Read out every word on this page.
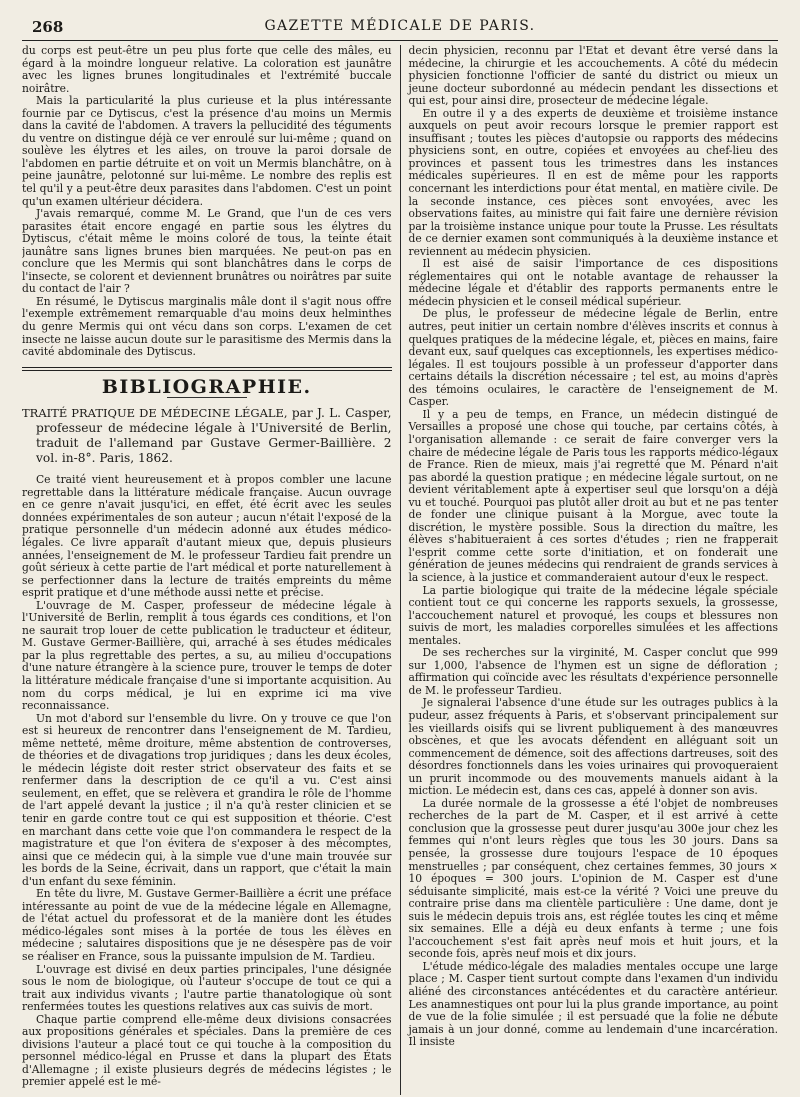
268	GAZETTE MÉDICALE DE PARIS.

du corps est peut-être un peu plus forte que celle des mâles, eu égard à la moindre longueur relative. La coloration est jaunâtre avec les lignes brunes longitudinales et l'extrémité buccale noirâtre.

Mais la particularité la plus curieuse et la plus intéressante fournie par ce Dytiscus, c'est la présence d'au moins un Mermis dans la cavité de l'abdomen. A travers la pellucidité des téguments du ventre on distingue déjà ce ver enroulé sur lui-même ; quand on soulève les élytres et les ailes, on trouve la paroi dorsale de l'abdomen en partie détruite et on voit un Mermis blanchâtre, on à peine jaunâtre, pelotonné sur lui-même. Le nombre des replis est tel qu'il y a peut-être deux parasites dans l'abdomen. C'est un point qu'un examen ultérieur décidera.

J'avais remarqué, comme M. Le Grand, que l'un de ces vers parasites était encore engagé en partie sous les élytres du Dytiscus, c'était même le moins coloré de tous, la teinte était jaunâtre sans lignes brunes bien marquées. Ne peut-on pas en conclure que les Mermis qui sont blanchâtres dans le corps de l'insecte, se colorent et deviennent brunâtres ou noirâtres par suite du contact de l'air ?

En résumé, le Dytiscus marginalis mâle dont il s'agit nous offre l'exemple extrêmement remarquable d'au moins deux helminthes du genre Mermis qui ont vécu dans son corps. L'examen de cet insecte ne laisse aucun doute sur le parasitisme des Mermis dans la cavité abdominale des Dytiscus.

BIBLIOGRAPHIE.

TRAITÉ PRATIQUE DE MÉDECINE LÉGALE, par J. L. Casper, professeur de médecine légale à l'Université de Berlin, traduit de l'allemand par Gustave Germer-Baillière. 2 vol. in-8°. Paris, 1862.

Ce traité vient heureusement et à propos combler une lacune regrettable dans la littérature médicale française. Aucun ouvrage en ce genre n'avait jusqu'ici, en effet, été écrit avec les seules données expérimentales de son auteur ; aucun n'était l'exposé de la pratique personnelle d'un médecin adonné aux études médico-légales. Ce livre apparaît d'autant mieux que, depuis plusieurs années, l'enseignement de M. le professeur Tardieu fait prendre un goût sérieux à cette partie de l'art médical et porte naturellement à se perfectionner dans la lecture de traités empreints du même esprit pratique et d'une méthode aussi nette et précise.

L'ouvrage de M. Casper, professeur de médecine légale à l'Université de Berlin, remplit à tous égards ces conditions, et l'on ne saurait trop louer de cette publication le traducteur et éditeur, M. Gustave Germer-Baillière, qui, arraché à ses études médicales par la plus regrettable des pertes, a su, au milieu d'occupations d'une nature étrangère à la science pure, trouver le temps de doter la littérature médicale française d'une si importante acquisition. Au nom du corps médical, je lui en exprime ici ma vive reconnaissance.

Un mot d'abord sur l'ensemble du livre. On y trouve ce que l'on est si heureux de rencontrer dans l'enseignement de M. Tardieu, même netteté, même droiture, même abstention de controverses, de théories et de divagations trop juridiques ; dans les deux écoles, le médecin légiste doit rester strict observateur des faits et se renfermer dans la description de ce qu'il a vu. C'est ainsi seulement, en effet, que se relèvera et grandira le rôle de l'homme de l'art appelé devant la justice ; il n'a qu'à rester clinicien et se tenir en garde contre tout ce qui est supposition et théorie. C'est en marchant dans cette voie que l'on commandera le respect de la magistrature et que l'on évitera de s'exposer à des mécomptes, ainsi que ce médecin qui, à la simple vue d'une main trouvée sur les bords de la Seine, écrivait, dans un rapport, que c'était la main d'un enfant du sexe féminin.

En tête du livre, M. Gustave Germer-Baillière a écrit une préface intéressante au point de vue de la médecine légale en Allemagne, de l'état actuel du professorat et de la manière dont les études médico-légales sont mises à la portée de tous les élèves en médecine ; salutaires dispositions que je ne désespère pas de voir se réaliser en France, sous la puissante impulsion de M. Tardieu.

L'ouvrage est divisé en deux parties principales, l'une désignée sous le nom de biologique, où l'auteur s'occupe de tout ce qui a trait aux individus vivants ; l'autre partie thanatologique où sont renfermées toutes les questions relatives aux cas suivis de mort.

Chaque partie comprend elle-même deux divisions consacrées aux propositions générales et spéciales. Dans la première de ces divisions l'auteur a placé tout ce qui touche à la composition du personnel médico-légal en Prusse et dans la plupart des États d'Allemagne ; il existe plusieurs degrés de médecins légistes ; le premier appelé est le mé-

decin physicien, reconnu par l'État et devant être versé dans la médecine, la chirurgie et les accouchements. A côté du médecin physicien fonctionne l'officier de santé du district ou mieux un jeune docteur subordonné au médecin pendant les dissections et qui est, pour ainsi dire, prosecteur de médecine légale.

En outre il y a des experts de deuxième et troisième instance auxquels on peut avoir recours lorsque le premier rapport est insuffisant ; toutes les pièces d'autopsie ou rapports des médecins physiciens sont, en outre, copiées et envoyées au chef-lieu des provinces et passent tous les trimestres dans les instances médicales supérieures. Il en est de même pour les rapports concernant les interdictions pour état mental, en matière civile. De la seconde instance, ces pièces sont envoyées, avec les observations faites, au ministre qui fait faire une dernière révision par la troisième instance unique pour toute la Prusse. Les résultats de ce dernier examen sont communiqués à la deuxième instance et reviennent au médecin physicien.

Il est aisé de saisir l'importance de ces dispositions réglementaires qui ont le notable avantage de rehausser la médecine légale et d'établir des rapports permanents entre le médecin physicien et le conseil médical supérieur.

De plus, le professeur de médecine légale de Berlin, entre autres, peut initier un certain nombre d'élèves inscrits et connus à quelques pratiques de la médecine légale, et, pièces en mains, faire devant eux, sauf quelques cas exceptionnels, les expertises médico-légales. Il est toujours possible à un professeur d'apporter dans certains détails la discrétion nécessaire ; tel est, au moins d'après des témoins oculaires, le caractère de l'enseignement de M. Casper.

Il y a peu de temps, en France, un médecin distingué de Versailles a proposé une chose qui touche, par certains côtés, à l'organisation allemande : ce serait de faire converger vers la chaire de médecine légale de Paris tous les rapports médico-légaux de France. Rien de mieux, mais j'ai regretté que M. Pénard n'ait pas abordé la question pratique ; en médecine légale surtout, on ne devient véritablement apte à expertiser seul que lorsqu'on a déjà vu et touché. Pourquoi pas plutôt aller droit au but et ne pas tenter de fonder une clinique puisant à la Morgue, avec toute la discrétion, le mystère possible. Sous la direction du maître, les élèves s'habitueraient à ces sortes d'études ; rien ne frapperait l'esprit comme cette sorte d'initiation, et on fonderait une génération de jeunes médecins qui rendraient de grands services à la science, à la justice et commanderaient autour d'eux le respect.

La partie biologique qui traite de la médecine légale spéciale contient tout ce qui concerne les rapports sexuels, la grossesse, l'accouchement naturel et provoqué, les coups et blessures non suivis de mort, les maladies corporelles simulées et les affections mentales.

De ses recherches sur la virginité, M. Casper conclut que 999 sur 1,000, l'absence de l'hymen est un signe de défloration ; affirmation qui coïncide avec les résultats d'expérience personnelle de M. le professeur Tardieu.

Je signalerai l'absence d'une étude sur les outrages publics à la pudeur, assez fréquents à Paris, et s'observant principalement sur les vieillards oisifs qui se livrent publiquement à des manœuvres obscènes, et que les avocats défendent en alléguant soit un commencement de démence, soit des affections dartreuses, soit des désordres fonctionnels dans les voies urinaires qui provoqueraient un prurit incommode ou des mouvements manuels aidant à la miction. Le médecin est, dans ces cas, appelé à donner son avis.

La durée normale de la grossesse a été l'objet de nombreuses recherches de la part de M. Casper, et il est arrivé à cette conclusion que la grossesse peut durer jusqu'au 300e jour chez les femmes qui n'ont leurs règles que tous les 30 jours. Dans sa pensée, la grossesse dure toujours l'espace de 10 époques menstruelles ; par conséquent, chez certaines femmes, 30 jours × 10 époques = 300 jours. L'opinion de M. Casper est d'une séduisante simplicité, mais est-ce la vérité ? Voici une preuve du contraire prise dans ma clientèle particulière : Une dame, dont je suis le médecin depuis trois ans, est réglée toutes les cinq et même six semaines. Elle a déjà eu deux enfants à terme ; une fois l'accouchement s'est fait après neuf mois et huit jours, et la seconde fois, après neuf mois et dix jours.

L'étude médico-légale des maladies mentales occupe une large place ; M. Casper tient surtout compte dans l'examen d'un individu aliéné des circonstances antécédentes et du caractère antérieur. Les anamnestiques ont pour lui la plus grande importance, au point de vue de la folie simulée ; il est persuadé que la folie ne débute jamais à un jour donné, comme au lendemain d'une incarcération. Il insiste
